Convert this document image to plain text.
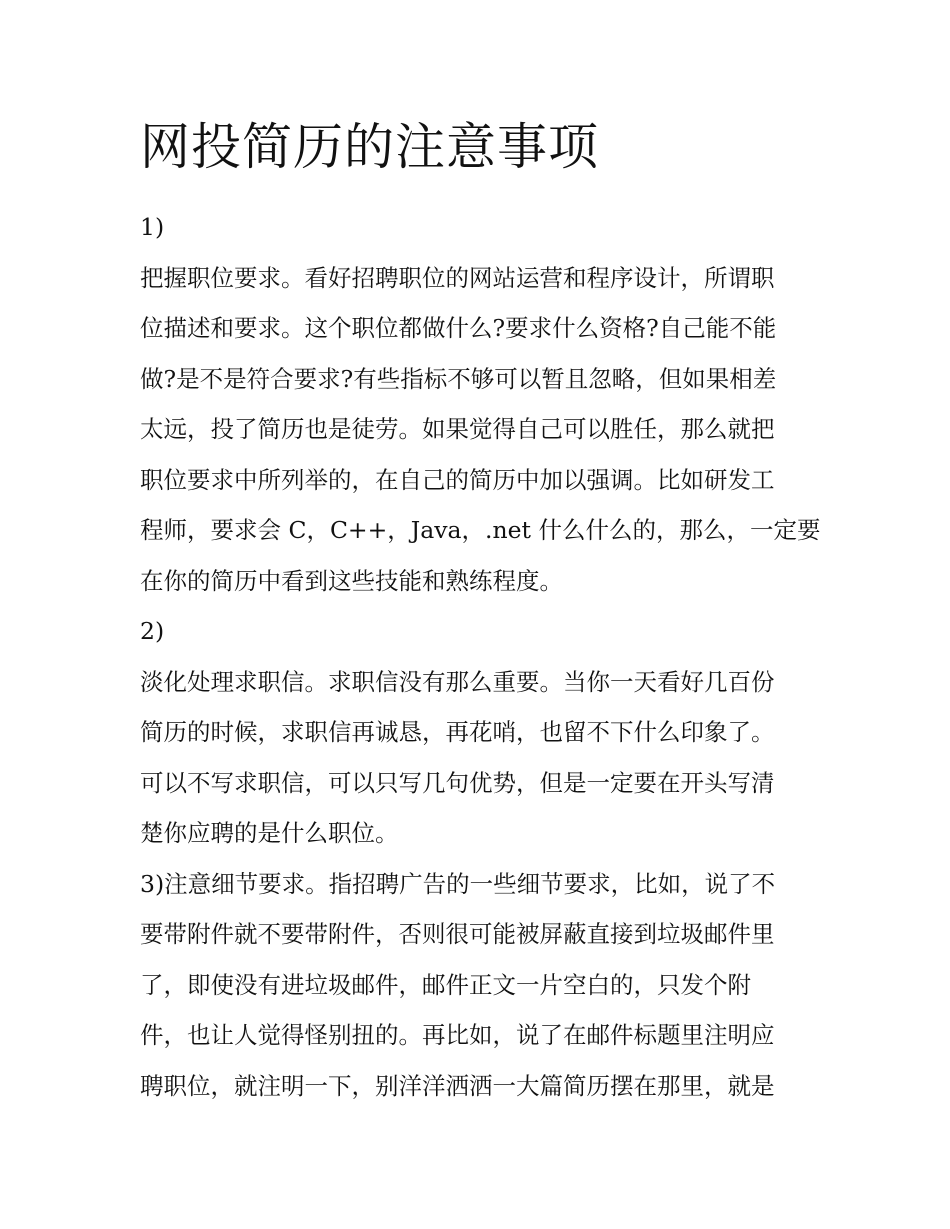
网投简历的注意事项
1)
把握职位要求。看好招聘职位的网站运营和程序设计，所谓职
位描述和要求。这个职位都做什么?要求什么资格?自己能不能
做?是不是符合要求?有些指标不够可以暂且忽略，但如果相差
太远，投了简历也是徒劳。如果觉得自己可以胜任，那么就把
职位要求中所列举的，在自己的简历中加以强调。比如研发工
程师，要求会 C，C++，Java，.net 什么什么的，那么，一定要
在你的简历中看到这些技能和熟练程度。
2)
淡化处理求职信。求职信没有那么重要。当你一天看好几百份
简历的时候，求职信再诚恳，再花哨，也留不下什么印象了。
可以不写求职信，可以只写几句优势，但是一定要在开头写清
楚你应聘的是什么职位。
3)注意细节要求。指招聘广告的一些细节要求，比如，说了不
要带附件就不要带附件，否则很可能被屏蔽直接到垃圾邮件里
了，即使没有进垃圾邮件，邮件正文一片空白的，只发个附
件，也让人觉得怪别扭的。再比如，说了在邮件标题里注明应
聘职位，就注明一下，别洋洋洒洒一大篇简历摆在那里，就是
